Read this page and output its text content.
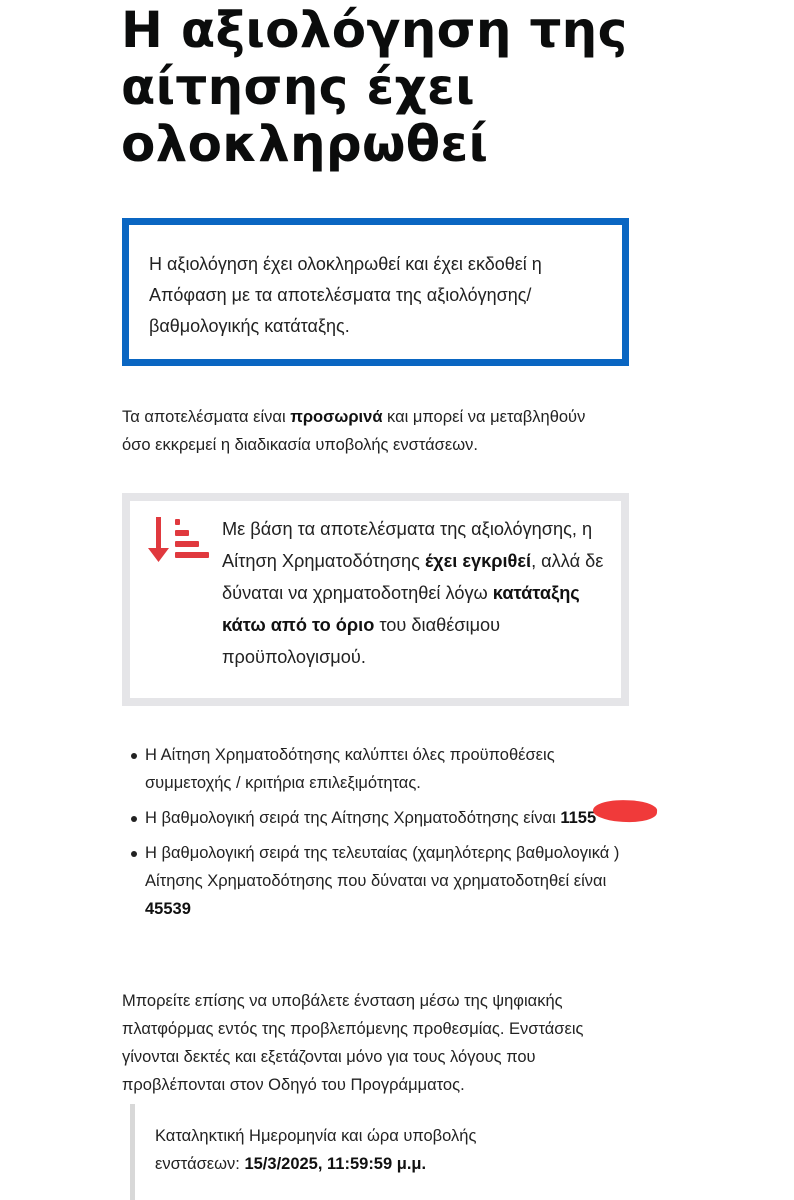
Η αξιολόγηση της αίτησης έχει ολοκληρωθεί

Η αξιολόγηση έχει ολοκληρωθεί και έχει εκδοθεί η Απόφαση με τα αποτελέσματα της αξιολόγησης/βαθμολογικής κατάταξης.

Τα αποτελέσματα είναι προσωρινά και μπορεί να μεταβληθούν όσο εκκρεμεί η διαδικασία υποβολής ενστάσεων.

Με βάση τα αποτελέσματα της αξιολόγησης, η Αίτηση Χρηματοδότησης έχει εγκριθεί, αλλά δε δύναται να χρηματοδοτηθεί λόγω κατάταξης κάτω από το όριο του διαθέσιμου προϋπολογισμού.

Η Αίτηση Χρηματοδότησης καλύπτει όλες προϋποθέσεις συμμετοχής / κριτήρια επιλεξιμότητας.
Η βαθμολογική σειρά της Αίτησης Χρηματοδότησης είναι 1155
Η βαθμολογική σειρά της τελευταίας (χαμηλότερης βαθμολογικά ) Αίτησης Χρηματοδότησης που δύναται να χρηματοδοτηθεί είναι 45539

Μπορείτε επίσης να υποβάλετε ένσταση μέσω της ψηφιακής πλατφόρμας εντός της προβλεπόμενης προθεσμίας. Ενστάσεις γίνονται δεκτές και εξετάζονται μόνο για τους λόγους που προβλέπονται στον Οδηγό του Προγράμματος.

Καταληκτική Ημερομηνία και ώρα υποβολής ενστάσεων: 15/3/2025, 11:59:59 μ.μ.
